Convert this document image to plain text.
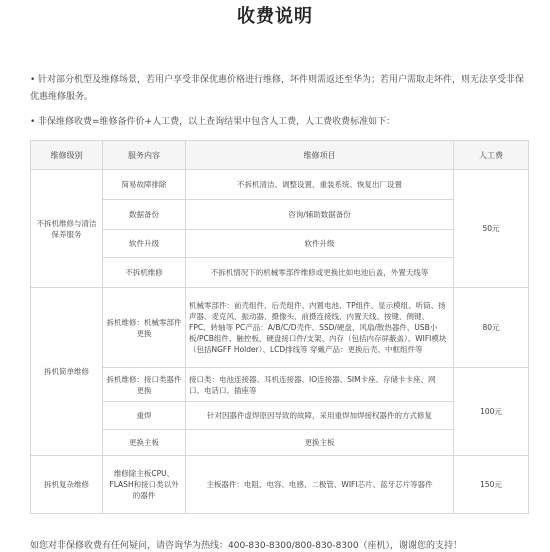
收费说明
• 针对部分机型及维修场景，若用户享受非保优惠价格进行维修，坏件则需返还至华为；若用户需取走坏件，则无法享受非保优惠维修服务。
• 非保维修收费=维修备件价+人工费，以上查询结果中包含人工费，人工费收费标准如下：
维修级别	服务内容	维修项目	人工费
不拆机维修与清洁保养服务	简易故障排除	不拆机清洁、调整设置、重装系统、恢复出厂设置	50元
	数据备份	咨询/辅助数据备份	
	软件升级	软件升级	
	不拆机维修	不拆机情况下的机械零部件维修或更换比如电池后盖，外置天线等	
拆机简单维修	拆机维修：机械零部件更换	机械零部件：前壳组件、后壳组件、内置电池、TP组件、显示模组、听筒、扬声器、麦克风、振动器、摄像头、前摄连接线、内置天线、按键、侧键、FPC、转轴等 PC产品：A/B/C/D壳件、SSD/硬盘、风扇/散热器件、USB小板/PCB组件、触控板、硬盘接口件/支架、内存（包括内存屏蔽盖）、WIFI模块（包括NGFF Holder）、LCD排线等 穿戴产品：更换后壳、中框组件等	80元
	拆机维修：接口类器件更换	接口类：电池连接器、耳机连接器、IO连接器、SIM卡座、存储卡卡座、网口、电话口、插座等	100元
	重焊	针对因器件虚焊原因导致的故障，采用重焊加焊接权器件的方式修复	
	更换主板	更换主板	
拆机复杂维修	维修除主板CPU、FLASH和接口类以外的器件	主板器件：电阻、电容、电感、二极管、WIFI芯片、蓝牙芯片等器件	150元
如您对非保修收费有任何疑问，请咨询华为热线：400-830-8300/800-830-8300（座机），谢谢您的支持！
